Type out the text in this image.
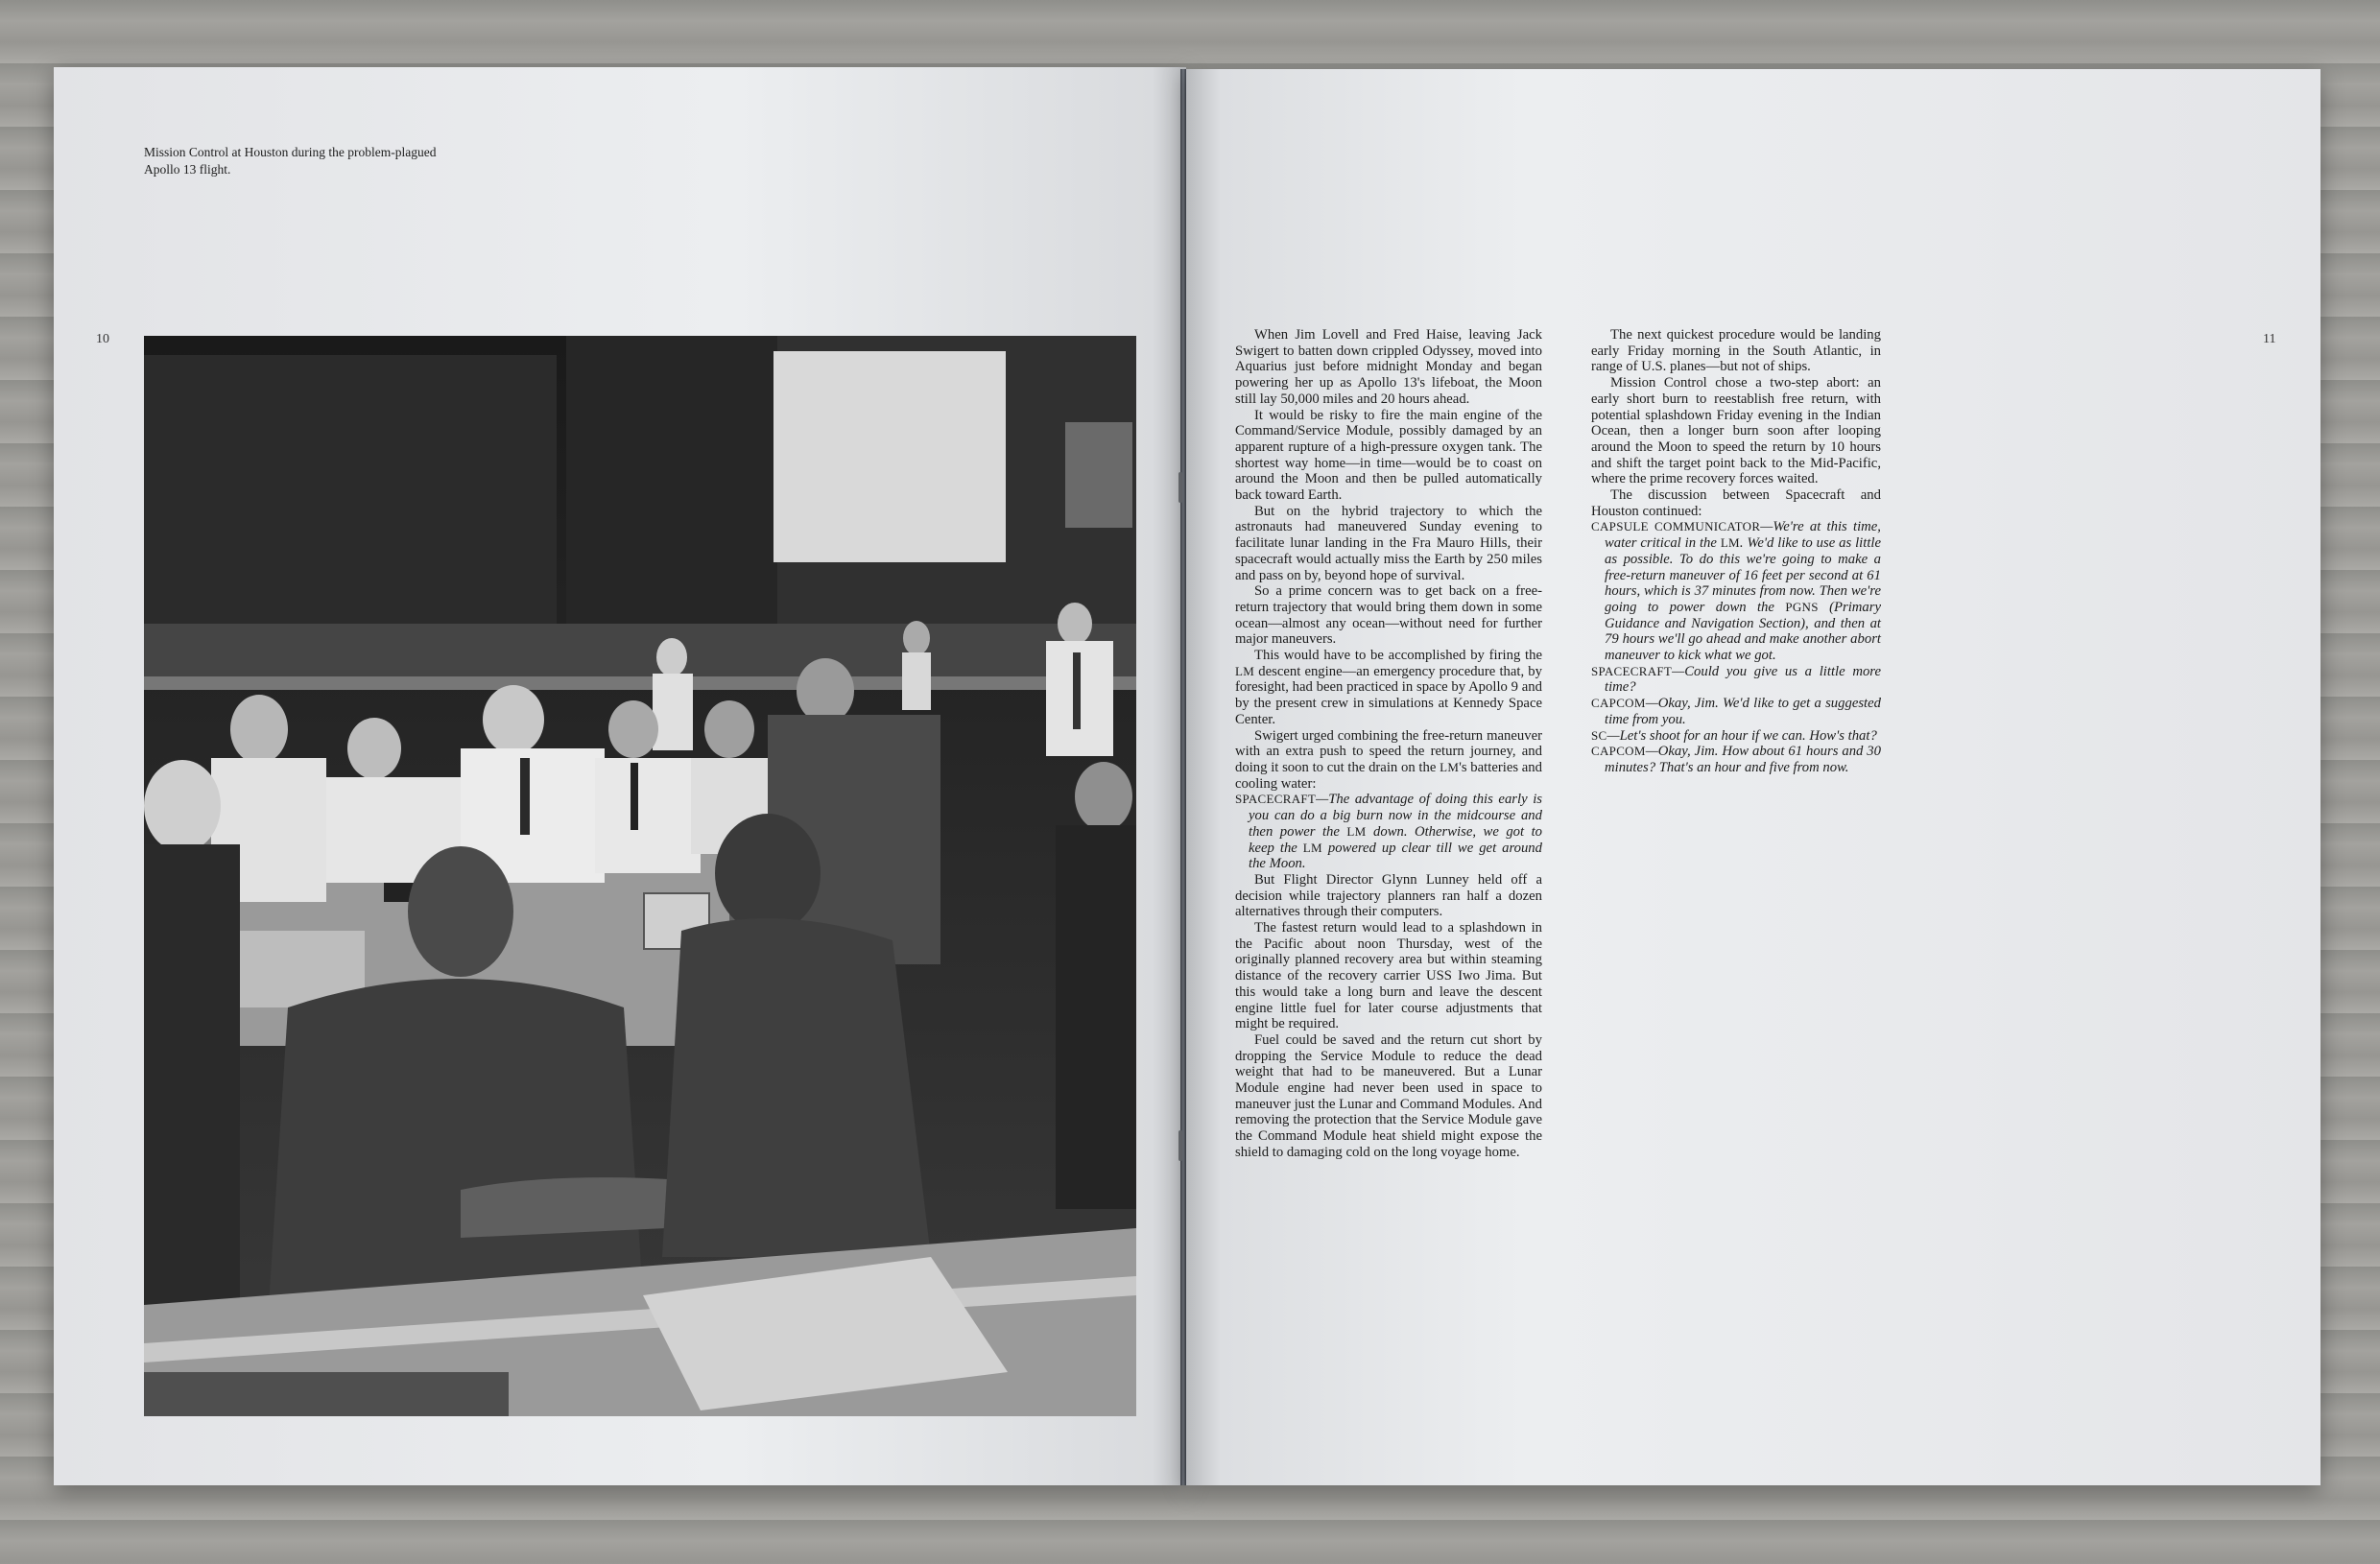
Mission Control at Houston during the problem-plagued Apollo 13 flight.
10	11

When Jim Lovell and Fred Haise, leaving Jack Swigert to batten down crippled Odyssey, moved into Aquarius just before midnight Monday and began powering her up as Apollo 13's lifeboat, the Moon still lay 50,000 miles and 20 hours ahead.

It would be risky to fire the main engine of the Command/Service Module, possibly damaged by an apparent rupture of a high-pressure oxygen tank. The shortest way home—in time—would be to coast on around the Moon and then be pulled automatically back toward Earth.

But on the hybrid trajectory to which the astronauts had maneuvered Sunday evening to facilitate lunar landing in the Fra Mauro Hills, their spacecraft would actually miss the Earth by 250 miles and pass on by, beyond hope of survival.

So a prime concern was to get back on a free-return trajectory that would bring them down in some ocean—almost any ocean—without need for further major maneuvers.

This would have to be accomplished by firing the LM descent engine—an emergency procedure that, by foresight, had been practiced in space by Apollo 9 and by the present crew in simulations at Kennedy Space Center.

Swigert urged combining the free-return maneuver with an extra push to speed the return journey, and doing it soon to cut the drain on the LM's batteries and cooling water:

SPACECRAFT—The advantage of doing this early is you can do a big burn now in the midcourse and then power the LM down. Otherwise, we got to keep the LM powered up clear till we get around the Moon.

But Flight Director Glynn Lunney held off a decision while trajectory planners ran half a dozen alternatives through their computers.

The fastest return would lead to a splashdown in the Pacific about noon Thursday, west of the originally planned recovery area but within steaming distance of the recovery carrier USS Iwo Jima. But this would take a long burn and leave the descent engine little fuel for later course adjustments that might be required.

Fuel could be saved and the return cut short by dropping the Service Module to reduce the dead weight that had to be maneuvered. But a Lunar Module engine had never been used in space to maneuver just the Lunar and Command Modules. And removing the protection that the Service Module gave the Command Module heat shield might expose the shield to damaging cold on the long voyage home.

The next quickest procedure would be landing early Friday morning in the South Atlantic, in range of U.S. planes—but not of ships.

Mission Control chose a two-step abort: an early short burn to reestablish free return, with potential splashdown Friday evening in the Indian Ocean, then a longer burn soon after looping around the Moon to speed the return by 10 hours and shift the target point back to the Mid-Pacific, where the prime recovery forces waited.

The discussion between Spacecraft and Houston continued:

CAPSULE COMMUNICATOR—We're at this time, water critical in the LM. We'd like to use as little as possible. To do this we're going to make a free-return maneuver of 16 feet per second at 61 hours, which is 37 minutes from now. Then we're going to power down the PGNS (Primary Guidance and Navigation Section), and then at 79 hours we'll go ahead and make another abort maneuver to kick what we got.

SPACECRAFT—Could you give us a little more time?

CAPCOM—Okay, Jim. We'd like to get a suggested time from you.

SC—Let's shoot for an hour if we can. How's that?

CAPCOM—Okay, Jim. How about 61 hours and 30 minutes? That's an hour and five from now.
